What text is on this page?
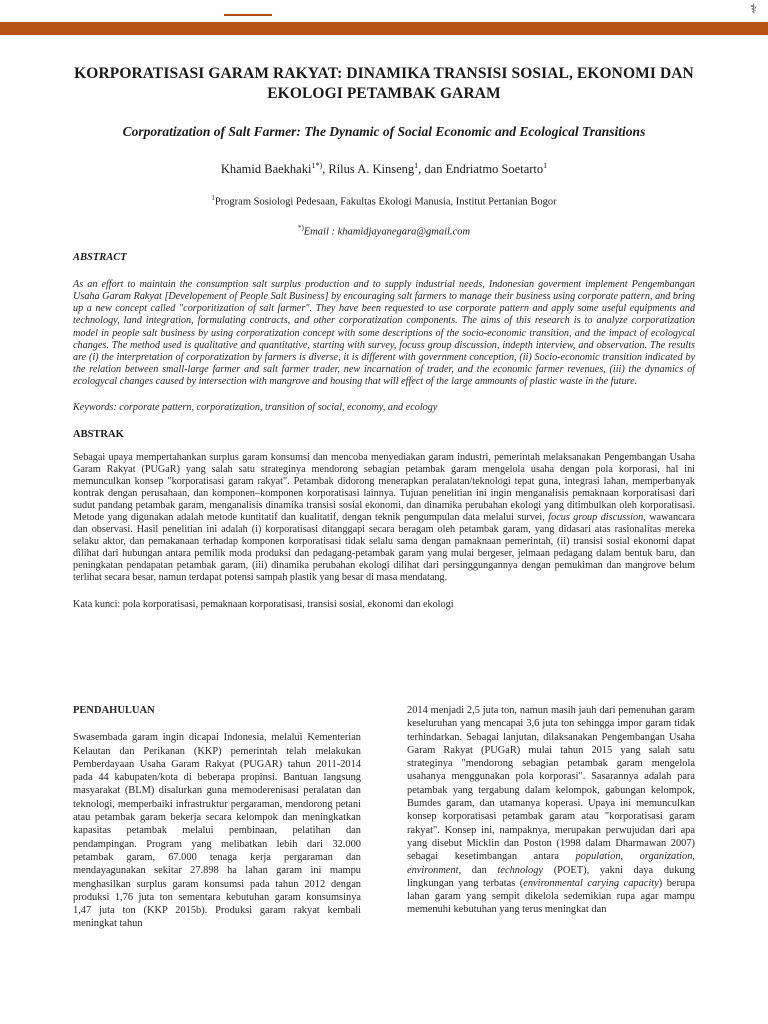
⚕
KORPORATISASI GARAM RAKYAT: DINAMIKA TRANSISI SOSIAL, EKONOMI DAN EKOLOGI PETAMBAK GARAM
Corporatization of Salt Farmer: The Dynamic of Social Economic and Ecological Transitions
Khamid Baekhaki$^{1*)}$, Rilus A. Kinseng$^1$, dan Endriatmo Soetarto$^1$
$^1$Program Sosiologi Pedesaan, Fakultas Ekologi Manusia, Institut Pertanian Bogor
*)Email : khamidjayanegara@gmail.com
ABSTRACT
As an effort to maintain the consumption salt surplus production and to supply industrial needs, Indonesian goverment implement Pengembangan Usaha Garam Rakyat [Developement of People Salt Business] by encouraging salt farmers to manage their business using corporate pattern, and bring up a new concept called "corporitization of salt farmer". They have been requested to use corporate pattern and apply some useful equipments and technology, land integration, formulating contracts, and other corporatization components. The aims of this research is to analyze corporatization model in people salt business by using corporatization concept with some descriptions of the socio-economic transition, and the impact of ecologycal changes. The method used is qualitative and quantitative, starting with survey, focuss group discussion, indepth interview, and observation. The results are (i) the interpretation of corporatization by farmers is diverse, it is different with government conception, (ii) Socio-economic transition indicated by the relation between small-large farmer and salt farmer trader, new incarnation of trader, and the economic farmer revenues, (iii) the dynamics of ecologycal changes caused by intersection with mangrove and housing that will effect of the large ammounts of plastic waste in the future.
Keywords: corporate pattern, corporatization, transition of social, economy, and ecology
ABSTRAK
Sebagai upaya mempertahankan surplus garam konsumsi dan mencoba menyediakan garam industri, pemerintah melaksanakan Pengembangan Usaha Garam Rakyat (PUGaR) yang salah satu strateginya mendorong sebagian petambak garam mengelola usaha dengan pola korporasi, hal ini memunculkan konsep "korporatisasi garam rakyat". Petambak didorong menerapkan peralatan/teknologi tepat guna, integrasi lahan, memperbanyak kontrak dengan perusahaan, dan komponen–komponen korporatisasi lainnya. Tujuan penelitian ini ingin menganalisis pemaknaan korporatisasi dari sudut pandang petambak garam, menganalisis dinamika transisi sosial ekonomi, dan dinamika perubahan ekologi yang ditimbulkan oleh korporatisasi. Metode yang digunakan adalah metode kuntitatif dan kualitatif, dengan teknik pengumpulan data melalui survei, focus group discussion, wawancara dan observasi. Hasil penelitian ini adalah (i) korporatisasi ditanggapi secara beragam oleh petambak garam, yang didasari atas rasionalitas mereka selaku aktor, dan pemakanaan terhadap komponen korporatisasi tidak selalu sama dengan pamaknaan pemerintah, (ii) transisi sosial ekonomi dapat dilihat dari hubungan antara pemilik moda produksi dan pedagang-petambak garam yang mulai bergeser, jelmaan pedagang dalam bentuk baru, dan peningkatan pendapatan petambak garam, (iii) dinamika perubahan ekologi dilihat dari persinggungannya dengan pemukiman dan mangrove belum terlihat secara besar, namun terdapat potensi sampah plastik yang besar di masa mendatang.
Kata kunci: pola korporatisasi, pemaknaan korporatisasi, transisi sosial, ekonomi dan ekologi
PENDAHULUAN

Swasembada garam ingin dicapai Indonesia, melalui Kementerian Kelautan dan Perikanan (KKP) pemerintah telah melakukan Pemberdayaan Usaha Garam Rakyat (PUGAR) tahun 2011-2014 pada 44 kabupaten/kota di beberapa propinsi. Bantuan langsung masyarakat (BLM) disalurkan guna memoderenisasi peralatan dan teknologi, memperbaiki infrastruktur pergaraman, mendorong petani atau petambak garam bekerja secara kelompok dan meningkatkan kapasitas petambak melalui pembinaan, pelatihan dan pendampingan. Program yang melibatkan lebih dari 32.000 petambak garam, 67.000 tenaga kerja pergaraman dan mendayagunakan sekitar 27.898 ha lahan garam ini mampu menghasilkan surplus garam konsumsi pada tahun 2012 dengan produksi 1,76 juta ton sementara kebutuhan garam konsumsinya 1,47 juta ton (KKP 2015b). Produksi garam rakyat kembali meningkat tahun

2014 menjadi 2,5 juta ton, namun masih jauh dari pemenuhan garam keseluruhan yang mencapai 3,6 juta ton sehingga impor garam tidak terhindarkan. Sebagai lanjutan, dilaksanakan Pengembangan Usaha Garam Rakyat (PUGaR) mulai tahun 2015 yang salah satu strateginya "mendorong sebagian petambak garam mengelola usahanya menggunakan pola korporasi". Sasarannya adalah para petambak yang tergabung dalam kelompok, gabungan kelompok, Bumdes garam, dan utamanya koperasi. Upaya ini memunculkan konsep korporatisasi petambak garam atau "korporatisasi garam rakyat". Konsep ini, nampaknya, merupakan perwujudan dari apa yang disebut Micklin dan Poston (1998 dalam Dharmawan 2007) sebagai kesetimbangan antara population, organization, environment, dan technology (POET), yakni daya dukung lingkungan yang terbatas (environmental carying capacity) berupa lahan garam yang sempit dikelola sedemikian rupa agar mampu memenuhi kebutuhan yang terus meningkat dan
